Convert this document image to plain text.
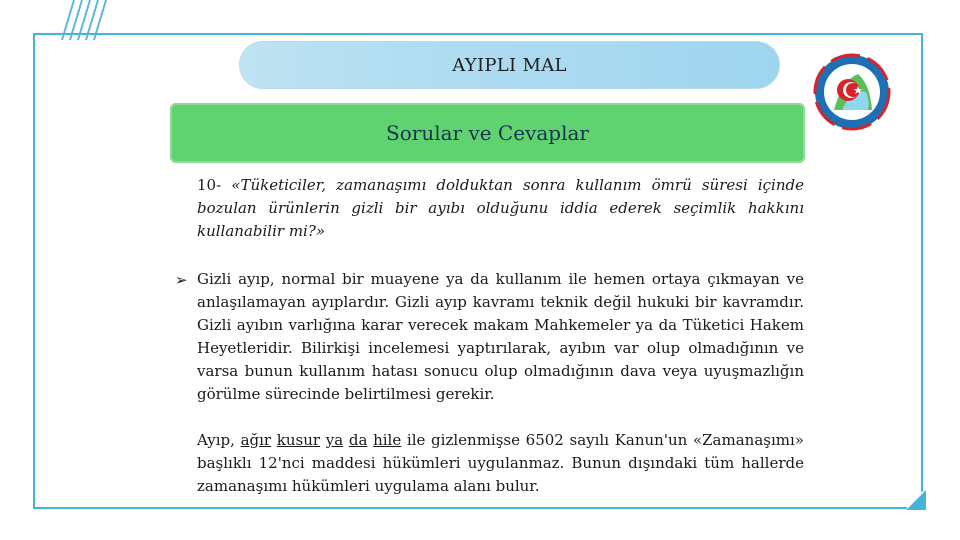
AYIPLI MAL
Sorular ve Cevaplar

10- «Tüketiciler, zamanaşımı dolduktan sonra kullanım ömrü süresi içinde bozulan ürünlerin gizli bir ayıbı olduğunu iddia ederek seçimlik hakkını kullanabilir mi?»

➢ Gizli ayıp, normal bir muayene ya da kullanım ile hemen ortaya çıkmayan ve anlaşılamayan ayıplardır. Gizli ayıp kavramı teknik değil hukuki bir kavramdır. Gizli ayıbın varlığına karar verecek makam Mahkemeler ya da Tüketici Hakem Heyetleridir. Bilirkişi incelemesi yaptırılarak, ayıbın var olup olmadığının ve varsa bunun kullanım hatası sonucu olup olmadığının dava veya uyuşmazlığın görülme sürecinde belirtilmesi gerekir.

Ayıp, ağır kusur ya da hile ile gizlenmişse 6502 sayılı Kanun'un «Zamanaşımı» başlıklı 12'nci maddesi hükümleri uygulanmaz. Bunun dışındaki tüm hallerde zamanaşımı hükümleri uygulama alanı bulur.
